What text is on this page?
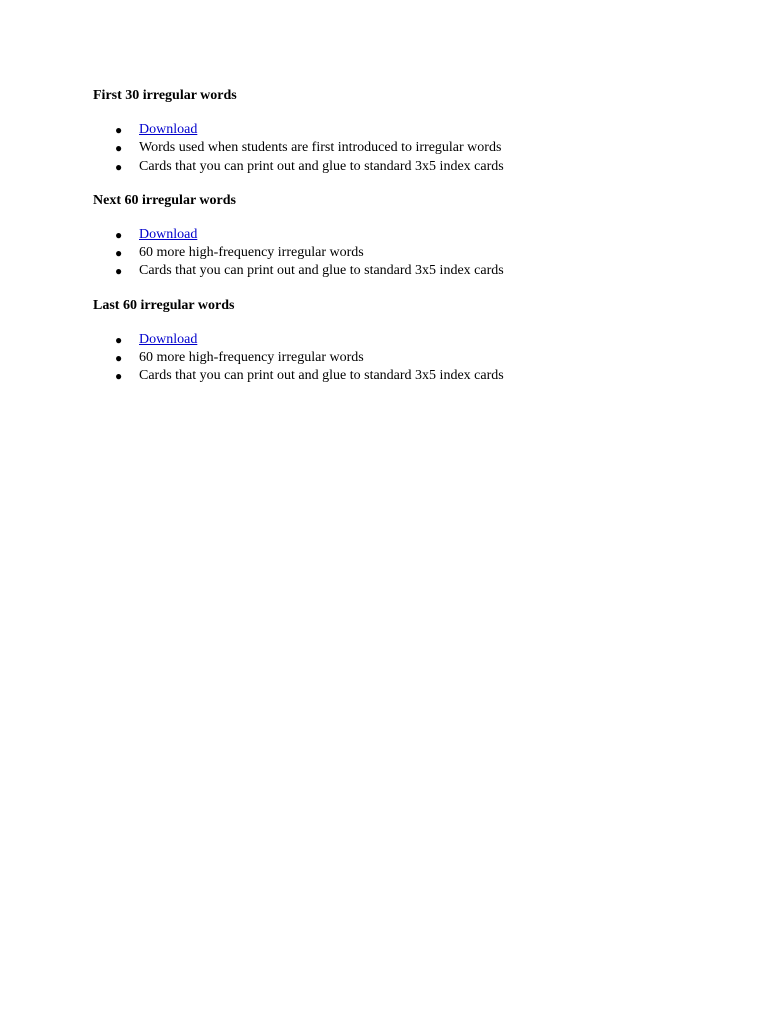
First 30 irregular words
● Download
● Words used when students are first introduced to irregular words
● Cards that you can print out and glue to standard 3x5 index cards
Next 60 irregular words
● Download
● 60 more high-frequency irregular words
● Cards that you can print out and glue to standard 3x5 index cards
Last 60 irregular words
● Download
● 60 more high-frequency irregular words
● Cards that you can print out and glue to standard 3x5 index cards
